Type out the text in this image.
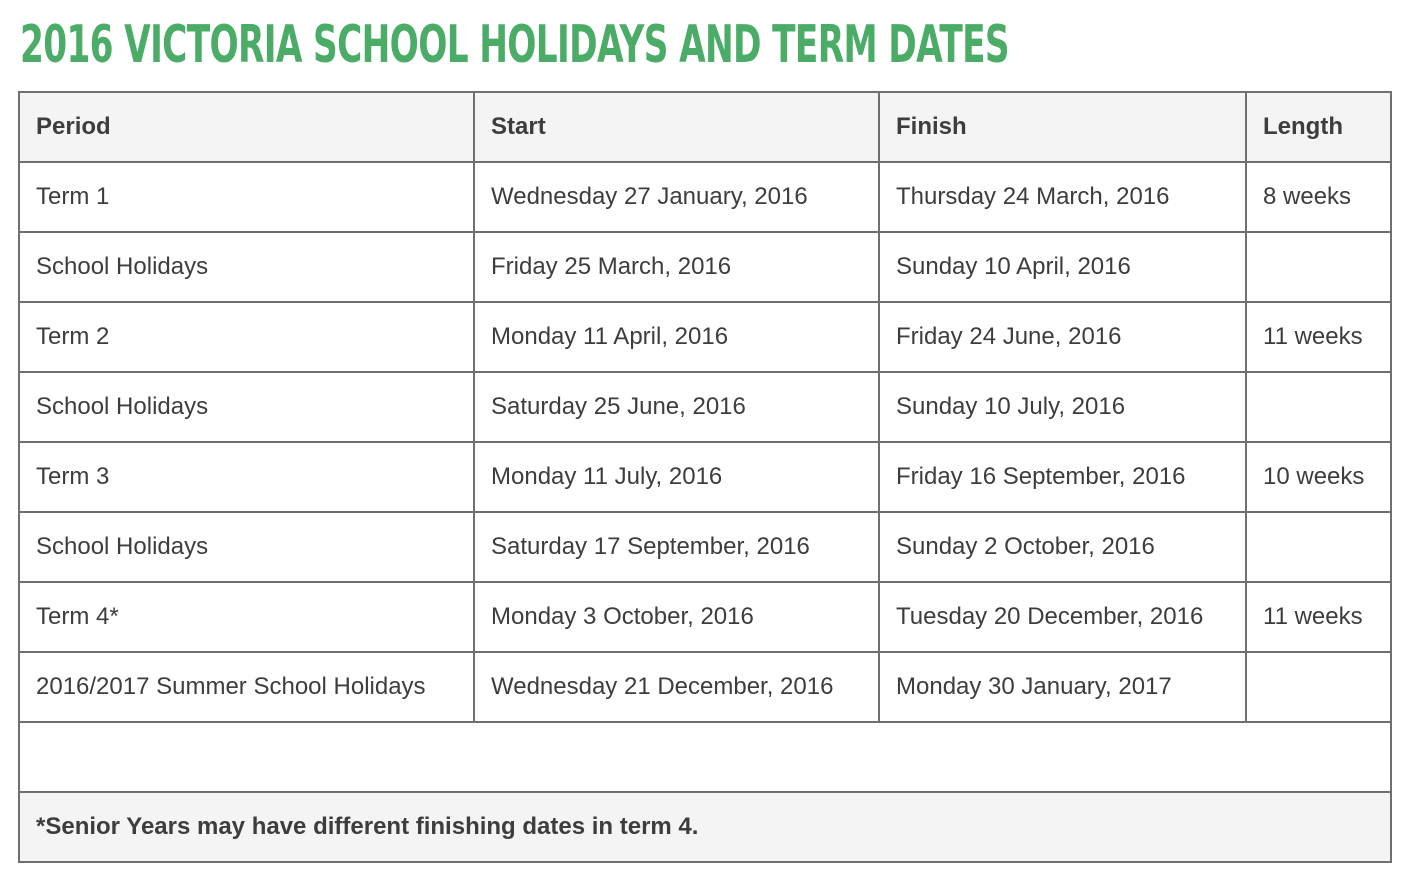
2016 VICTORIA SCHOOL HOLIDAYS AND TERM DATES
Period	Start	Finish	Length
Term 1	Wednesday 27 January, 2016	Thursday 24 March, 2016	8 weeks
School Holidays	Friday 25 March, 2016	Sunday 10 April, 2016	
Term 2	Monday 11 April, 2016	Friday 24 June, 2016	11 weeks
School Holidays	Saturday 25 June, 2016	Sunday 10 July, 2016	
Term 3	Monday 11 July, 2016	Friday 16 September, 2016	10 weeks
School Holidays	Saturday 17 September, 2016	Sunday 2 October, 2016	
Term 4*	Monday 3 October, 2016	Tuesday 20 December, 2016	11 weeks
2016/2017 Summer School Holidays	Wednesday 21 December, 2016	Monday 30 January, 2017	

*Senior Years may have different finishing dates in term 4.			
